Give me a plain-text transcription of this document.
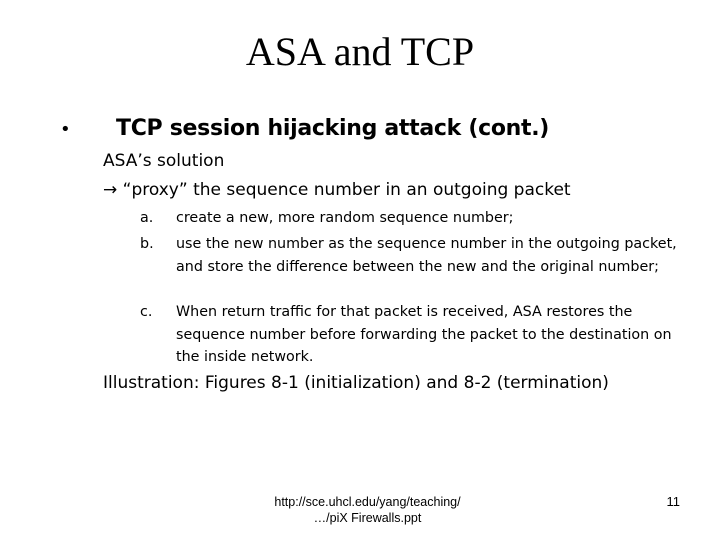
ASA and TCP
• TCP session hijacking attack (cont.)
ASA’s solution
→ “proxy” the sequence number in an outgoing packet
a. create a new, more random sequence number;
b. use the new number as the sequence number in the outgoing packet, and store the difference between the new and the original number;
c. When return traffic for that packet is received, ASA restores the sequence number before forwarding the packet to the destination on the inside network.
Illustration: Figures 8-1 (initialization) and 8-2 (termination)
http://sce.uhcl.edu/yang/teaching/
…/piX Firewalls.ppt
11
